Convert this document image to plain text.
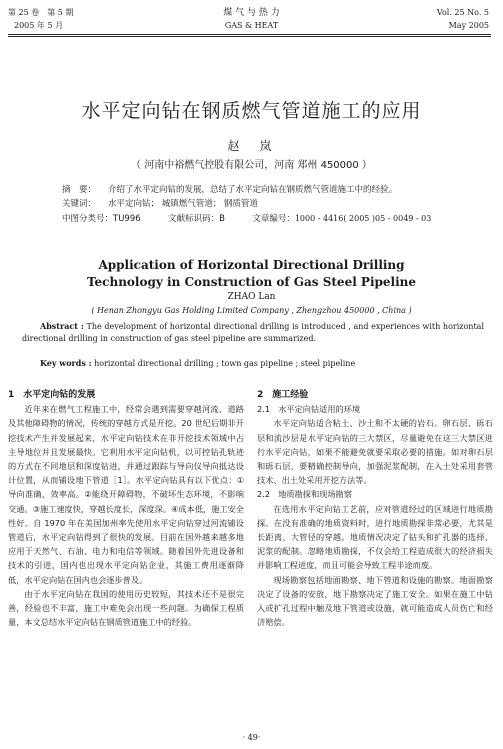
第 25 卷　第 5 期
2005 年 5 月
煤 气 与 热 力
GAS & HEAT
Vol. 25 No. 5
May 2005
水平定向钻在钢质燃气管道施工的应用
赵　岚
（ 河南中裕燃气控股有限公司，河南 郑州 450000 ）
摘　要： 介绍了水平定向钻的发展，总结了水平定向钻在钢质燃气管道施工中的经验。
关键词： 水平定向钻； 城镇燃气管道； 钢质管道
中图分类号：TU996	文献标识码：B	文章编号：1000 - 4416( 2005 )05 - 0049 - 03
Application of Horizontal Directional Drilling Technology in Construction of Gas Steel Pipeline
ZHAO Lan
( Henan Zhongyu Gas Holding Limited Company , Zhengzhou 450000 , China )
Abstract : The development of horizontal directional drilling is introduced , and experiences with horizontal directional drilling in construction of gas steel pipeline are summarized.
Key words : horizontal directional drilling ; town gas pipeline ; steel pipeline

1　水平定向钻的发展

近年来在燃气工程施工中，经常会遇到需要穿越河流、道路及其他障碍物的情况，传统的穿越方式是开挖。20 世纪后期非开挖技术产生并发展起来，水平定向钻技术在非开挖技术领域中占主导地位并且发展最快。它利用水平定向钻机，以可控钻孔轨迹的方式在不同地层和深度钻进，并通过跟踪与导向仪导向抵达设计位置，从而铺设地下管道［1］。水平定向钻具有以下优点：①导向准确，效率高。②能绕开障碍物，不破坏生态环境，不影响交通。③施工速度快，穿越长度长，深度深。④成本低，施工安全性好。自 1970 年在美国加州率先使用水平定向钻穿过河流铺设管道后，水平定向钻得到了很快的发展。目前在国外越来越多地应用于天然气、石油、电力和电信等领域。随着国外先进设备和技术的引进，国内也出现水平定向钻企业，其施工费用逐渐降低，水平定向钻在国内也会逐步普及。

由于水平定向钻在我国的使用历史较短，其技术还不是很完善，经验也不丰富，施工中难免会出现一些问题。为确保工程质量，本文总结水平定向钻在钢质管道施工中的经验。

2　施工经验

2.1　水平定向钻适用的环境

水平定向钻适合粘土、沙土和不太硬的岩石。卵石层、砾石层和流沙层是水平定向钻的三大禁区，尽量避免在这三大禁区进行水平定向钻，如果不能避免就要采取必要的措施。如对卵石层和砾石层，要精确控制导向，加强泥浆配制，在入土处采用套管技术、出土处采用开挖方法等。

2.2　地质勘探和现场勘察

在选用水平定向钻工艺前，应对管道经过的区域进行地质勘探。在没有准确的地质资料时，进行地质勘探非常必要，尤其是长距离、大管径的穿越。地质情况决定了钻头和扩孔器的选择、泥浆的配制。忽略地质勘探，不仅会给工程造成很大的经济损失并影响工程进度，而且可能会导致工程半途而废。

现场勘察包括地面勘察、地下管道和设施的勘察。地面勘察决定了设备的安放，地下勘察决定了施工安全。如果在施工中钻入或扩孔过程中触及地下管道或设施，就可能造成人员伤亡和经济赔偿。

· 49·
